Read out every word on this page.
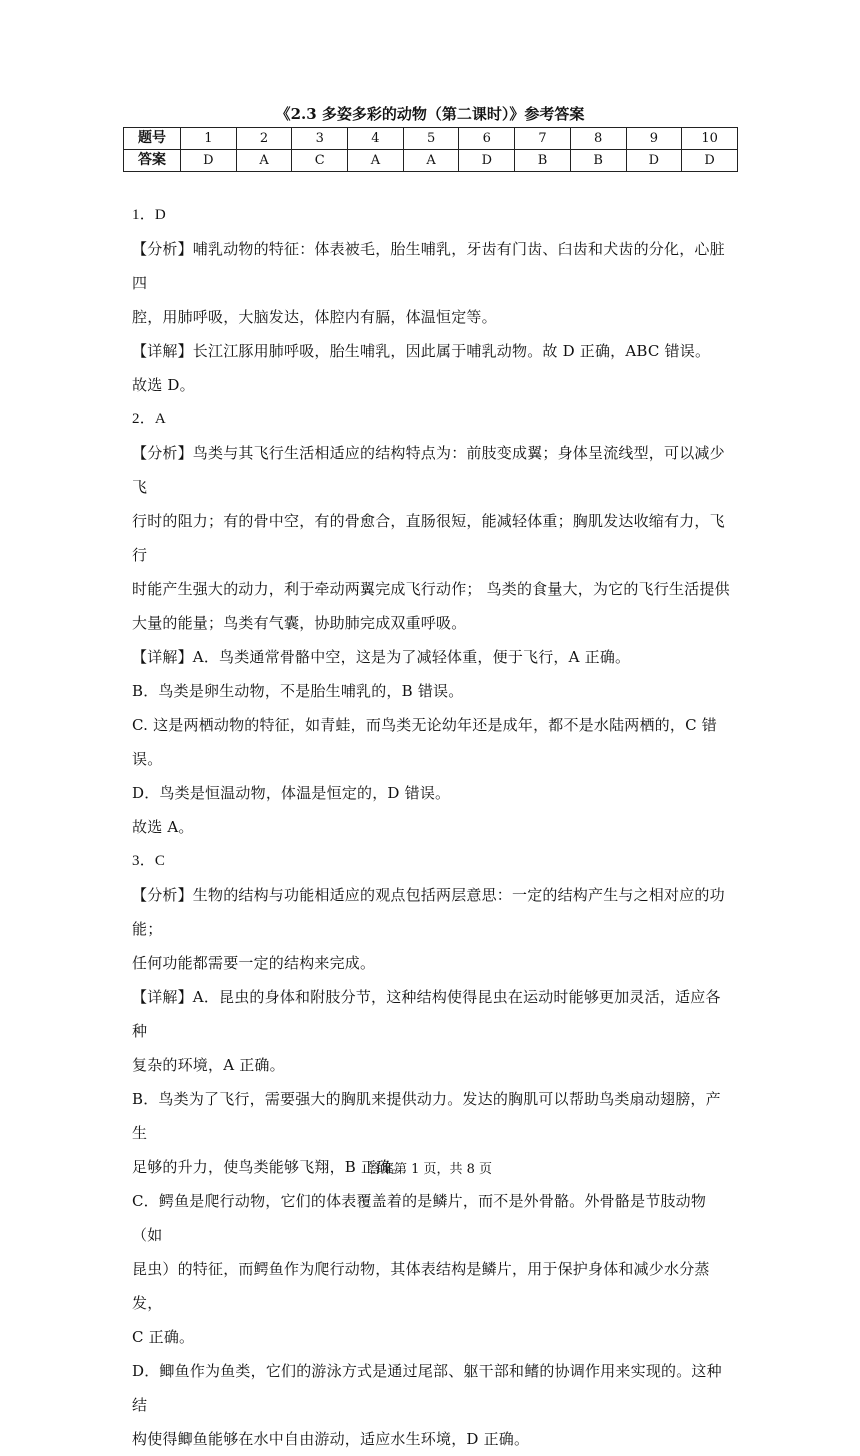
《2.3 多姿多彩的动物（第二课时）》参考答案
题号	1	2	3	4	5	6	7	8	9	10
答案	D	A	C	A	A	D	B	B	D	D

1．D

【分析】哺乳动物的特征：体表被毛，胎生哺乳，牙齿有门齿、臼齿和犬齿的分化，心脏四

腔，用肺呼吸，大脑发达，体腔内有膈，体温恒定等。

【详解】长江江豚用肺呼吸，胎生哺乳，因此属于哺乳动物。故 D 正确，ABC 错误。

故选 D。

2．A

【分析】鸟类与其飞行生活相适应的结构特点为：前肢变成翼；身体呈流线型，可以减少飞

行时的阻力；有的骨中空，有的骨愈合，直肠很短，能减轻体重；胸肌发达收缩有力，飞行

时能产生强大的动力，利于牵动两翼完成飞行动作； 鸟类的食量大，为它的飞行生活提供

大量的能量；鸟类有气囊，协助肺完成双重呼吸。

【详解】A．鸟类通常骨骼中空，这是为了减轻体重，便于飞行，A 正确。

B．鸟类是卵生动物，不是胎生哺乳的，B 错误。

C. 这是两栖动物的特征，如青蛙，而鸟类无论幼年还是成年，都不是水陆两栖的，C 错误。

D．鸟类是恒温动物，体温是恒定的，D 错误。

故选 A。

3．C

【分析】生物的结构与功能相适应的观点包括两层意思：一定的结构产生与之相对应的功能；

任何功能都需要一定的结构来完成。

【详解】A．昆虫的身体和附肢分节，这种结构使得昆虫在运动时能够更加灵活，适应各种

复杂的环境，A 正确。

B．鸟类为了飞行，需要强大的胸肌来提供动力。发达的胸肌可以帮助鸟类扇动翅膀，产生

足够的升力，使鸟类能够飞翔，B 正确。

C．鳄鱼是爬行动物，它们的体表覆盖着的是鳞片，而不是外骨骼。外骨骼是节肢动物（如

昆虫）的特征，而鳄鱼作为爬行动物，其体表结构是鳞片，用于保护身体和减少水分蒸发，

C 正确。

D．鲫鱼作为鱼类，它们的游泳方式是通过尾部、躯干部和鳍的协调作用来实现的。这种结

构使得鲫鱼能够在水中自由游动，适应水生环境，D 正确。

答案第 1 页，共 8 页
